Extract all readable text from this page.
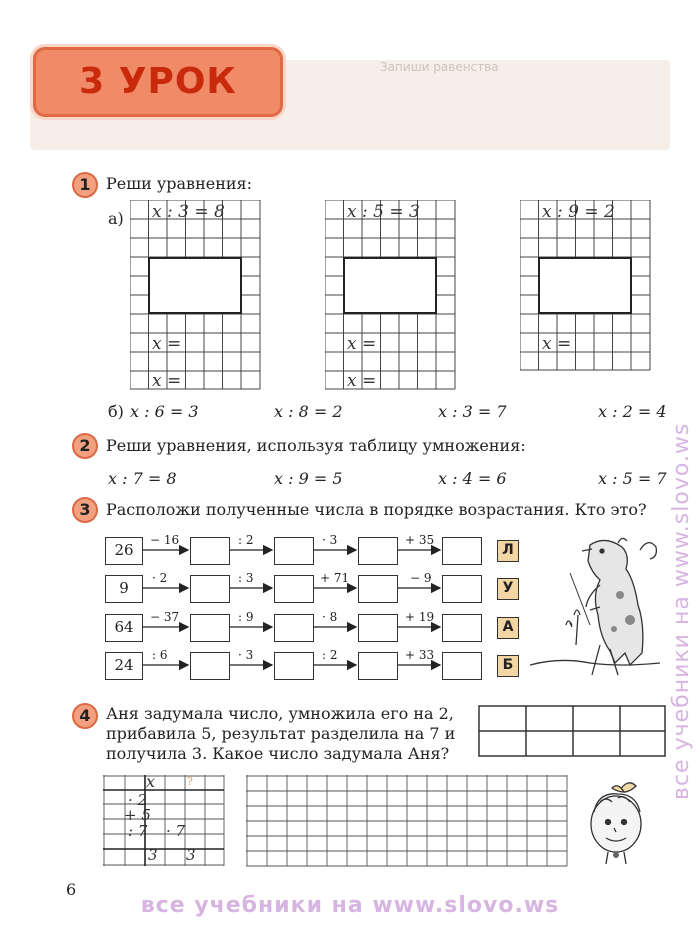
Запиши равенства
3 УРОК
1 Реши уравнения:
а) x : 3 = 8
x =
x =
x : 5 = 3
x =
x =
x : 9 = 2
x =
б) x : 6 = 3	x : 8 = 2	x : 3 = 7	x : 2 = 4
2 Реши уравнения, используя таблицу умножения:
x : 7 = 8	x : 9 = 5	x : 4 = 6	x : 5 = 7
3 Расположи полученные числа в порядке возрастания. Кто это?
26
− 16	: 2	· 3	+ 35
Л
9
· 2	: 3	+ 71	− 9
У
64
− 37	: 9	· 8	+ 19
А
24
: 6	· 3	: 2	+ 33
Б
4 Аня задумала число, умножила его на 2,
прибавила 5, результат разделила на 7 и
получила 3. Какое число задумала Аня?
x	?
· 2
+ 5
: 7 · 7
3 3
6
все учебники на www.slovo.ws
все учебники на www.slovo.ws
